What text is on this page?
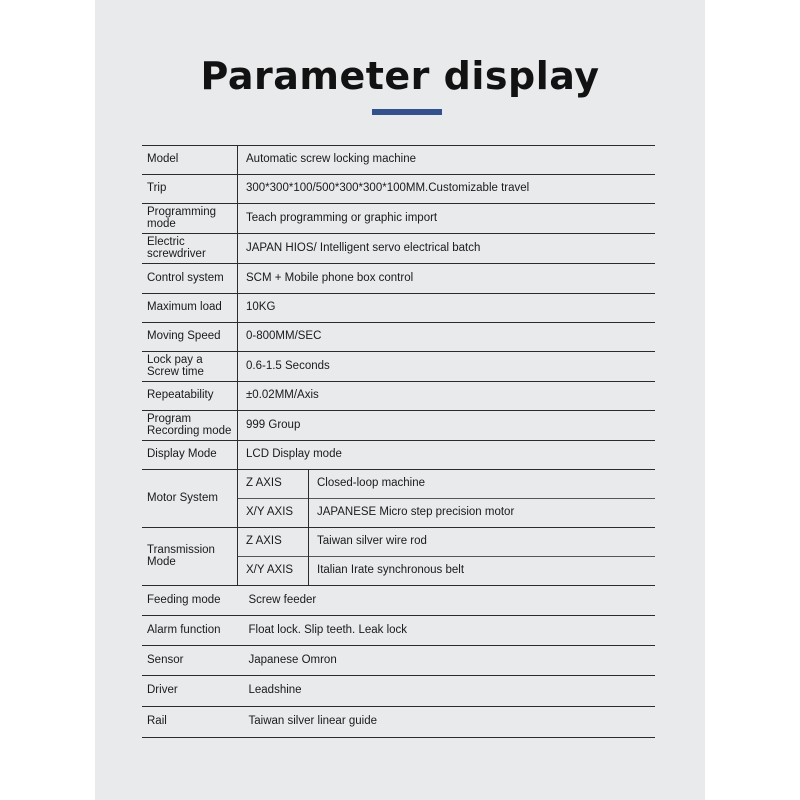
Parameter display
Model	Automatic screw locking machine	
Trip	300*300*100/500*300*300*100MM.Customizable travel	
Programming mode	Teach programming or graphic import	
Electric screwdriver	JAPAN HIOS/ Intelligent servo electrical batch	
Control system	SCM + Mobile phone box control	
Maximum load	10KG	
Moving Speed	0-800MM/SEC	
Lock pay a Screw time	0.6-1.5 Seconds	
Repeatability	±0.02MM/Axis	
Program Recording mode	999 Group	
Display Mode	LCD Display mode	
Motor System	Z AXIS	Closed-loop machine
	X/Y AXIS	JAPANESE Micro step precision motor
Transmission Mode	Z AXIS	Taiwan silver wire rod
	X/Y AXIS	Italian Irate synchronous belt
Feeding mode	Screw feeder	
Alarm function	Float lock. Slip teeth. Leak lock	
Sensor	Japanese Omron	
Driver	Leadshine	
Rail	Taiwan silver linear guide	
